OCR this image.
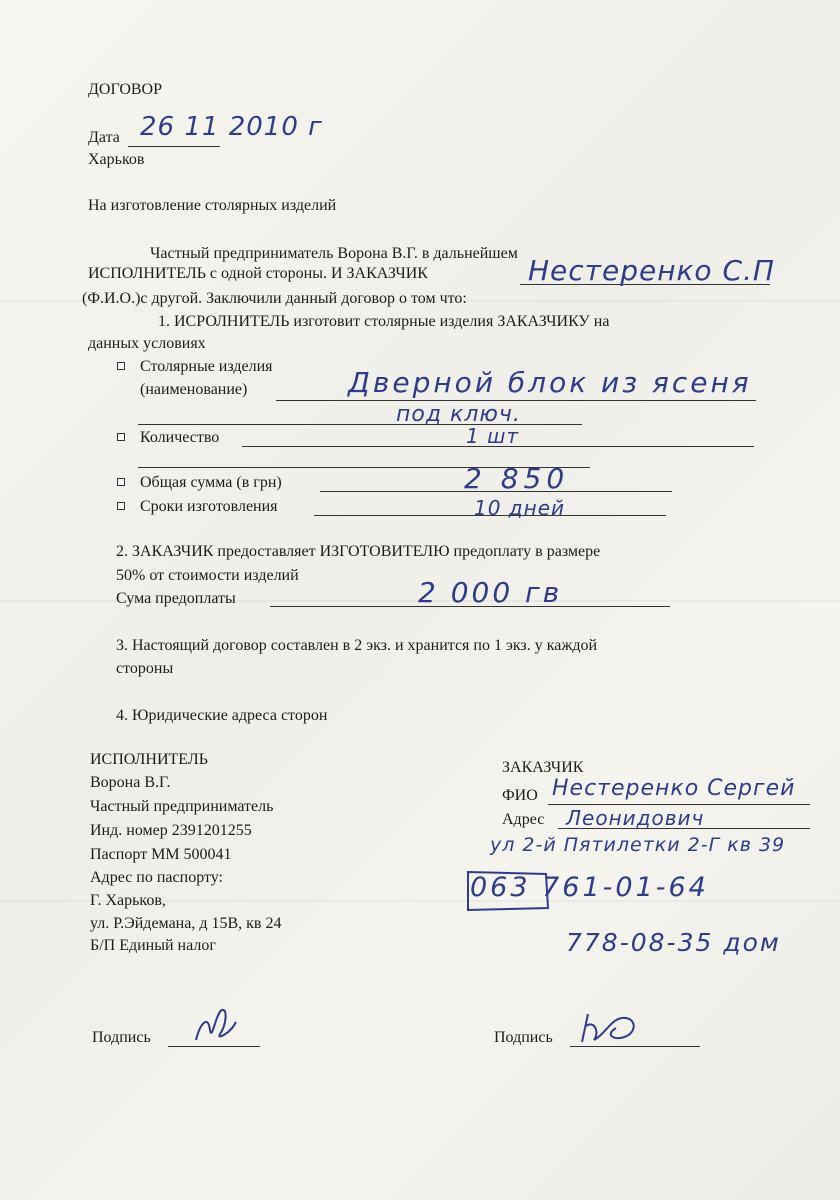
ДОГОВОР
Дата 26 11 2010 г
Харьков
На изготовление столярных изделий
Частный предприниматель Ворона В.Г. в дальнейшем
ИСПОЛНИТЕЛЬ с одной стороны. И ЗАКАЗЧИК	Нестеренко С.П
(Ф.И.О.)с другой. Заключили данный договор о том что:
1. ИСРОЛНИТЕЛЬ изготовит столярные изделия ЗАКАЗЧИКУ на
данных условиях
Столярные изделия
(наименование)	Дверной блок из ясеня
под ключ.
Количество	1 шт
Общая сумма (в грн)	2 850
Сроки изготовления	10 дней
2. ЗАКАЗЧИК предоставляет ИЗГОТОВИТЕЛЮ предоплату в размере
50% от стоимости изделий
Сума предоплаты	2 000 гв
3. Настоящий договор составлен в 2 экз. и хранится по 1 экз. у каждой
стороны
4. Юридические адреса сторон
ИСПОЛНИТЕЛЬ
Ворона В.Г.
Частный предприниматель
Инд. номер 2391201255
Паспорт ММ 500041
Адрес по паспорту:
Г. Харьков,
ул. Р.Эйдемана, д 15В, кв 24
Б/П Единый налог
Подпись
ЗАКАЗЧИК
ФИО Нестеренко Сергей
Адрес Леонидович
ул 2-й Пятилетки 2-Г кв 39
063 761-01-64
778-08-35 дом
Подпись
